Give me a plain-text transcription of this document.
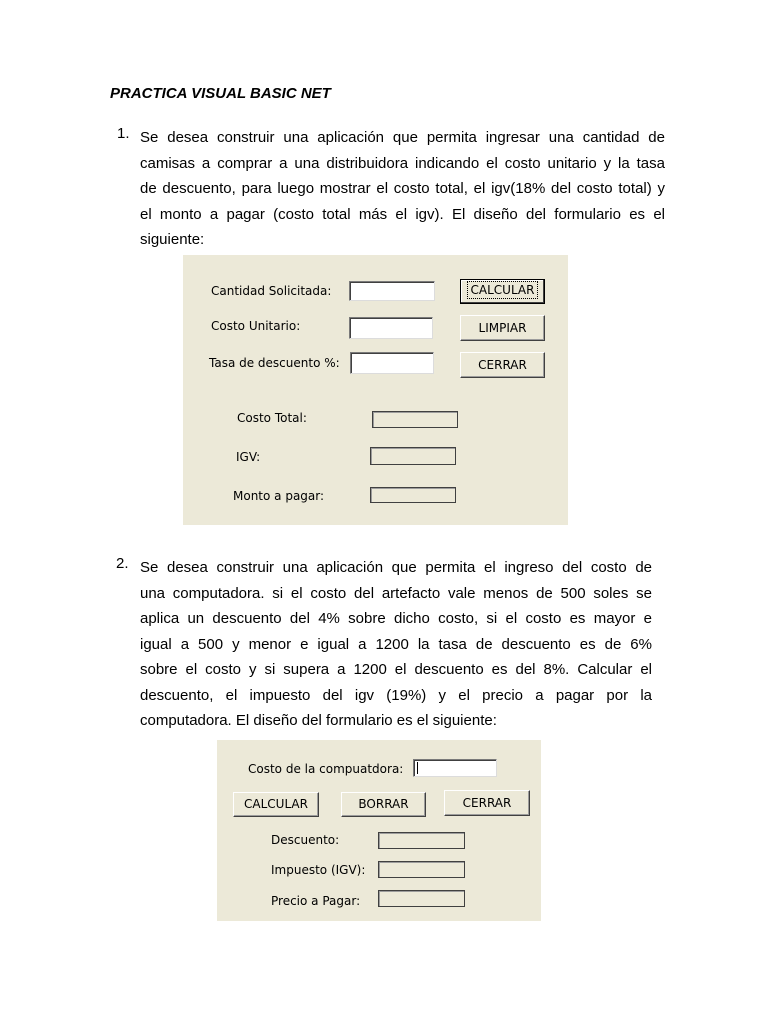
PRACTICA VISUAL BASIC NET
1. Se desea construir una aplicación que permita ingresar una cantidad de
camisas a comprar a una distribuidora indicando el costo unitario y la tasa
de descuento, para luego mostrar el costo total, el igv(18% del costo total) y
el monto a pagar (costo total más el igv). El diseño del formulario es el
siguiente:
Cantidad Solicitada:	CALCULAR
Costo Unitario:	LIMPIAR
Tasa de descuento %:	CERRAR
Costo Total:
IGV:
Monto a pagar:
2. Se desea construir una aplicación que permita el ingreso del costo de
una computadora. si el costo del artefacto vale menos de 500 soles se
aplica un descuento del 4% sobre dicho costo, si el costo es mayor e
igual a 500 y menor e igual a 1200 la tasa de descuento es de 6%
sobre el costo y si supera a 1200 el descuento es del 8%. Calcular el
descuento, el impuesto del igv (19%) y el precio a pagar por la
computadora. El diseño del formulario es el siguiente:
Costo de la compuatdora:
CALCULAR	BORRAR	CERRAR
Descuento:
Impuesto (IGV):
Precio a Pagar:
